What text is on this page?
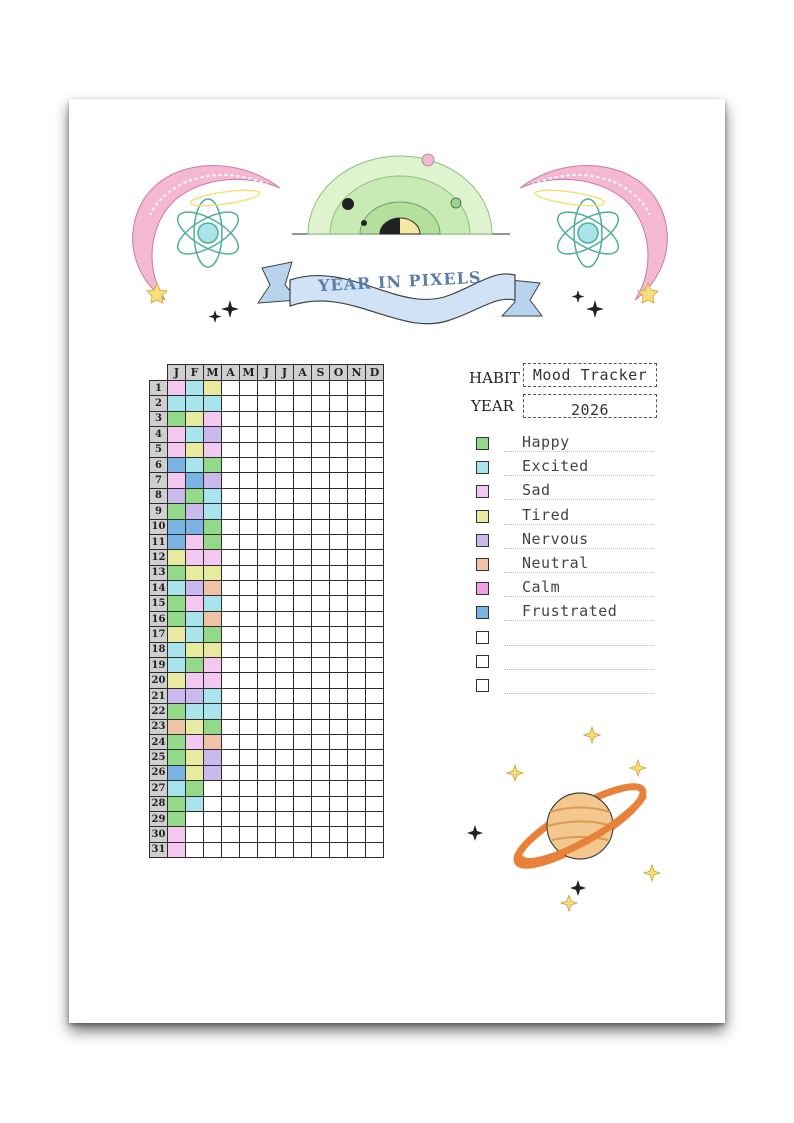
YEAR IN PIXELS
	J	F	M	A	M	J	J	A	S	O	N	D
1												
2												
3												
4												
5												
6												
7												
8												
9												
10												
11												
12												
13												
14												
15												
16												
17												
18												
19												
20												
21												
22												
23												
24												
25												
26												
27												
28												
29												
30												
31												
HABIT Mood Tracker
YEAR	2026
Happy
Excited
Sad
Tired
Nervous
Neutral
Calm
Frustrated
